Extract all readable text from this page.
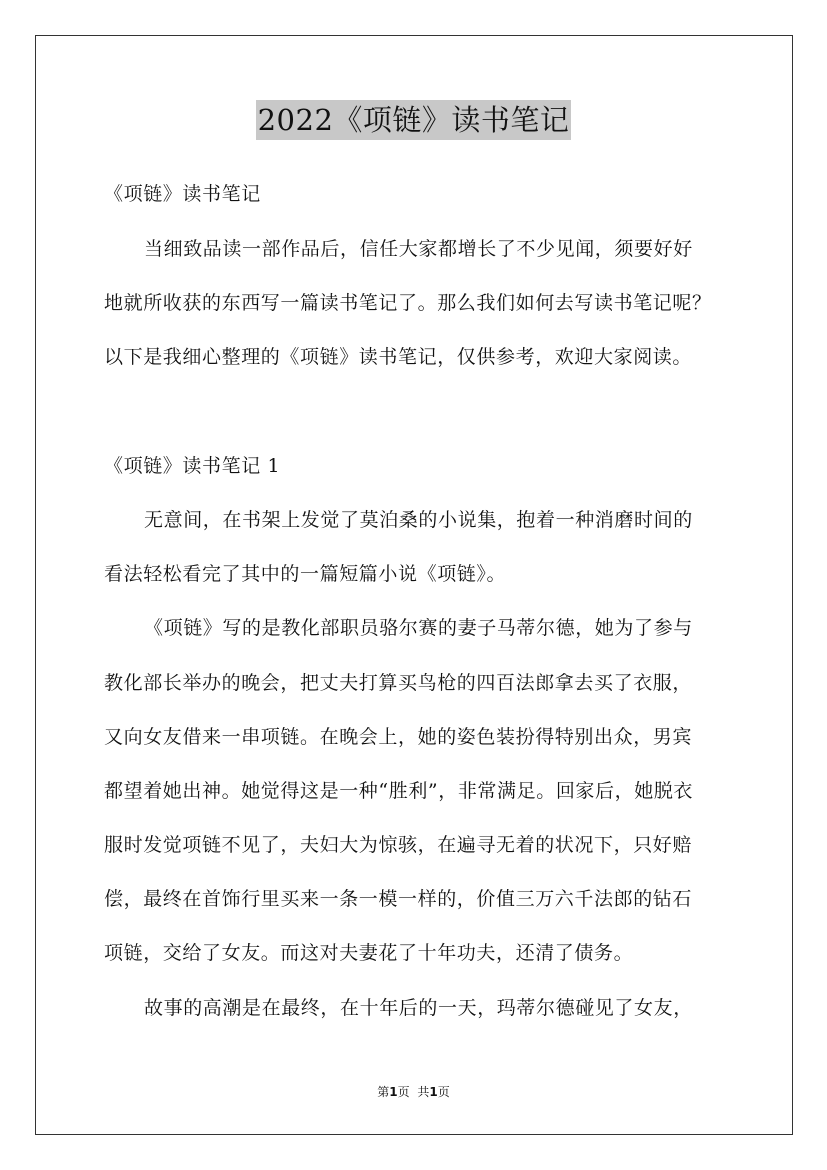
2022《项链》读书笔记
《项链》读书笔记
当细致品读一部作品后，信任大家都增长了不少见闻，须要好好
地就所收获的东西写一篇读书笔记了。那么我们如何去写读书笔记呢？
以下是我细心整理的《项链》读书笔记，仅供参考，欢迎大家阅读。
《项链》读书笔记 1
无意间，在书架上发觉了莫泊桑的小说集，抱着一种消磨时间的
看法轻松看完了其中的一篇短篇小说《项链》。
《项链》写的是教化部职员骆尔赛的妻子马蒂尔德，她为了参与
教化部长举办的晚会，把丈夫打算买鸟枪的四百法郎拿去买了衣服，
又向女友借来一串项链。在晚会上，她的姿色装扮得特别出众，男宾
都望着她出神。她觉得这是一种“胜利”，非常满足。回家后，她脱衣
服时发觉项链不见了，夫妇大为惊骇，在遍寻无着的状况下，只好赔
偿，最终在首饰行里买来一条一模一样的，价值三万六千法郎的钻石
项链，交给了女友。而这对夫妻花了十年功夫，还清了债务。
故事的高潮是在最终，在十年后的一天，玛蒂尔德碰见了女友，
第1页 共1页
